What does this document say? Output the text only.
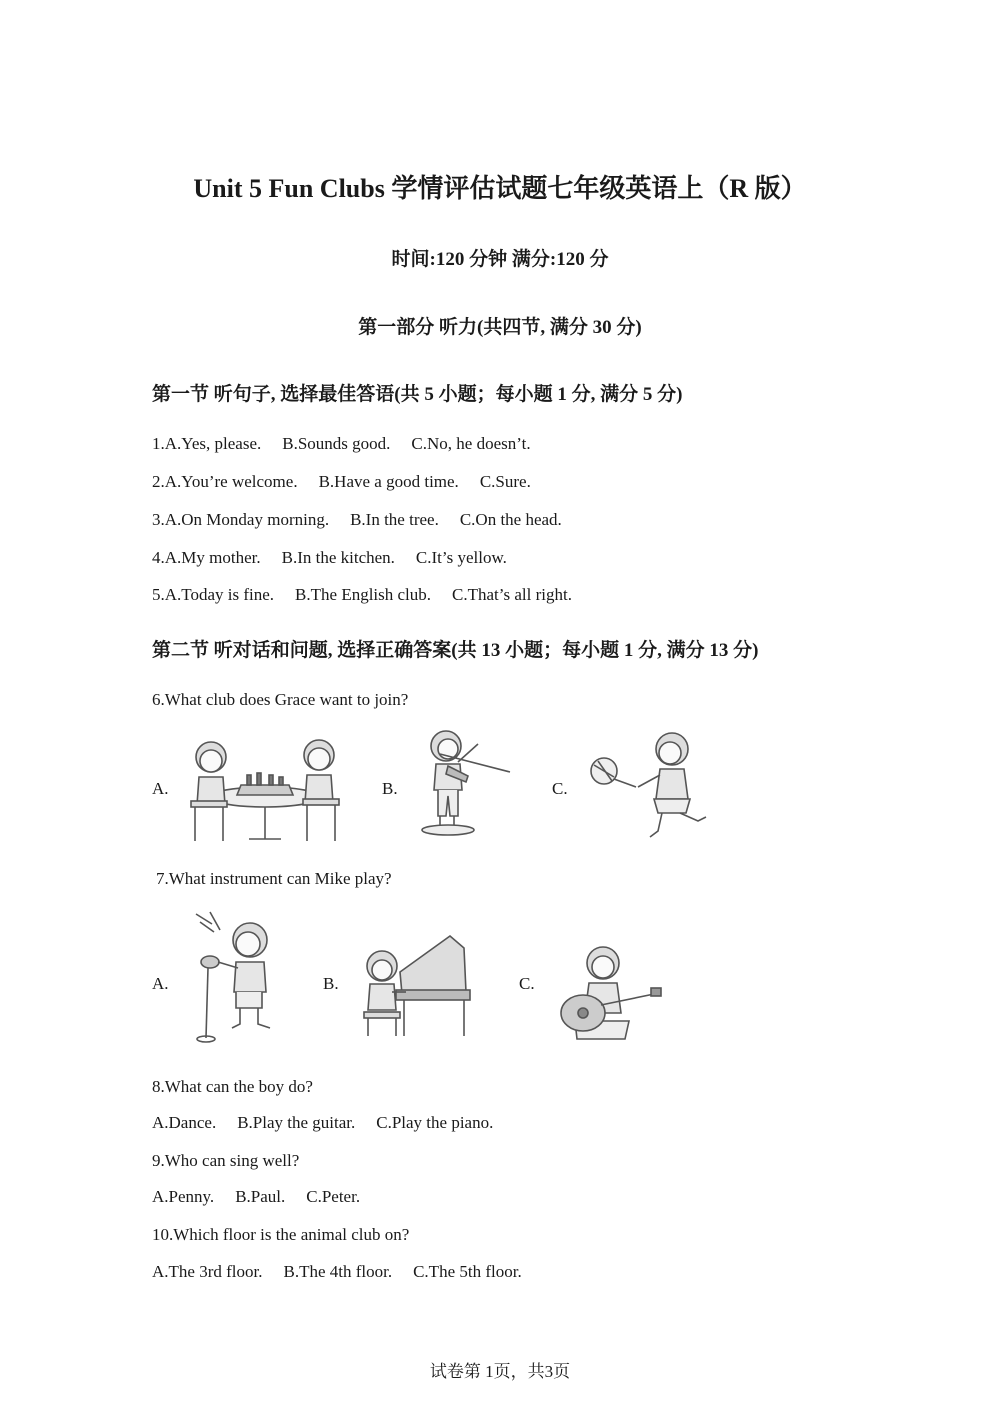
Unit 5 Fun Clubs 学情评估试题七年级英语上（R 版）
时间:120 分钟 满分:120 分
第一部分 听力(共四节, 满分 30 分)
第一节 听句子, 选择最佳答语(共 5 小题；每小题 1 分, 满分 5 分)
1.A.Yes, please. B.Sounds good. C.No, he doesn’t.
2.A.You’re welcome. B.Have a good time. C.Sure.
3.A.On Monday morning. B.In the tree. C.On the head.
4.A.My mother. B.In the kitchen. C.It’s yellow.
5.A.Today is fine. B.The English club. C.That’s all right.
第二节 听对话和问题, 选择正确答案(共 13 小题；每小题 1 分, 满分 13 分)
6.What club does Grace want to join?
A.	B.	C.
7.What instrument can Mike play?
A.	B.	C.
8.What can the boy do?
A.Dance. B.Play the guitar. C.Play the piano.
9.Who can sing well?
A.Penny. B.Paul. C.Peter.
10.Which floor is the animal club on?
A.The 3rd floor. B.The 4th floor. C.The 5th floor.
试卷第 1页，共3页
